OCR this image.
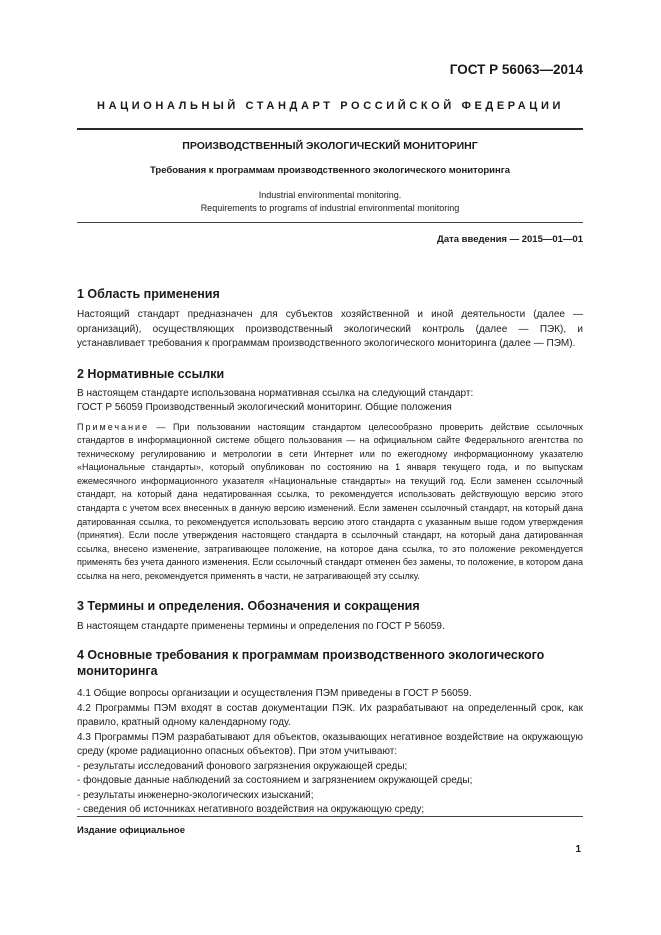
ГОСТ Р 56063—2014
НАЦИОНАЛЬНЫЙ СТАНДАРТ РОССИЙСКОЙ ФЕДЕРАЦИИ
ПРОИЗВОДСТВЕННЫЙ ЭКОЛОГИЧЕСКИЙ МОНИТОРИНГ
Требования к программам производственного экологического мониторинга
Industrial environmental monitoring.
Requirements to programs of industrial environmental monitoring
Дата введения — 2015—01—01
1 Область применения

Настоящий стандарт предназначен для субъектов хозяйственной и иной деятельности (далее — организаций), осуществляющих производственный экологический контроль (далее — ПЭК), и устанавливает требования к программам производственного экологического мониторинга (далее — ПЭМ).

2 Нормативные ссылки

В настоящем стандарте использована нормативная ссылка на следующий стандарт:

ГОСТ Р 56059 Производственный экологический мониторинг. Общие положения

Примечание — При пользовании настоящим стандартом целесообразно проверить действие ссылочных стандартов в информационной системе общего пользования — на официальном сайте Федерального агентства по техническому регулированию и метрологии в сети Интернет или по ежегодному информационному указателю «Национальные стандарты», который опубликован по состоянию на 1 января текущего года, и по выпускам ежемесячного информационного указателя «Национальные стандарты» на текущий год. Если заменен ссылочный стандарт, на который дана недатированная ссылка, то рекомендуется использовать действующую версию этого стандарта с учетом всех внесенных в данную версию изменений. Если заменен ссылочный стандарт, на который дана датированная ссылка, то рекомендуется использовать версию этого стандарта с указанным выше годом утверждения (принятия). Если после утверждения настоящего стандарта в ссылочный стандарт, на который дана датированная ссылка, внесено изменение, затрагивающее положение, на которое дана ссылка, то это положение рекомендуется применять без учета данного изменения. Если ссылочный стандарт отменен без замены, то положение, в котором дана ссылка на него, рекомендуется применять в части, не затрагивающей эту ссылку.

3 Термины и определения. Обозначения и сокращения

В настоящем стандарте применены термины и определения по ГОСТ Р 56059.

4 Основные требования к программам производственного экологического мониторинга

4.1 Общие вопросы организации и осуществления ПЭМ приведены в ГОСТ Р 56059.

4.2 Программы ПЭМ входят в состав документации ПЭК. Их разрабатывают на определенный срок, как правило, кратный одному календарному году.

4.3 Программы ПЭМ разрабатывают для объектов, оказывающих негативное воздействие на окружающую среду (кроме радиационно опасных объектов). При этом учитывают:

- результаты исследований фонового загрязнения окружающей среды;
- фондовые данные наблюдений за состоянием и загрязнением окружающей среды;
- результаты инженерно-экологических изысканий;
- сведения об источниках негативного воздействия на окружающую среду;
Издание официальное
1
